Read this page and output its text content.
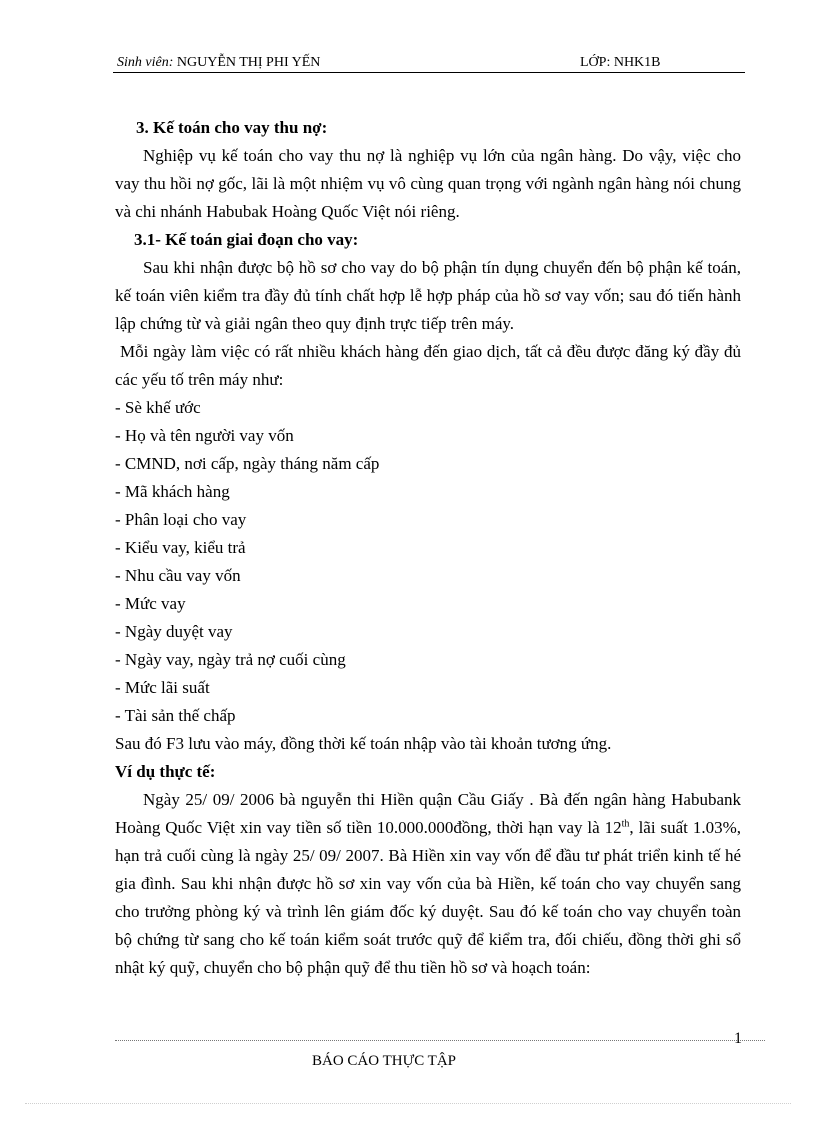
Sinh viên: NGUYỄN THỊ PHI YẾN	LỚP: NHK1B

3. Kế toán cho vay thu nợ:

Nghiệp vụ kế toán cho vay thu nợ là nghiệp vụ lớn của ngân hàng. Do vậy, việc cho vay thu hồi nợ gốc, lãi là một nhiệm vụ vô cùng quan trọng với ngành ngân hàng nói chung và chi nhánh Habubak Hoàng Quốc Việt nói riêng.

3.1- Kế toán giai đoạn cho vay:

Sau khi nhận được bộ hồ sơ cho vay do bộ phận tín dụng chuyển đến bộ phận kế toán, kế toán viên kiểm tra đầy đủ tính chất hợp lễ hợp pháp của hồ sơ vay vốn; sau đó tiến hành lập chứng từ và giải ngân theo quy định trực tiếp trên máy.

Mỗi ngày làm việc có rất nhiều khách hàng đến giao dịch, tất cả đều được đăng ký đầy đủ các yếu tố trên máy như:

- Sè khế ước

- Họ và tên người vay vốn

- CMND, nơi cấp, ngày tháng năm cấp

- Mã khách hàng

- Phân loại cho vay

- Kiểu vay, kiểu trả

- Nhu cầu vay vốn

- Mức vay

- Ngày duyệt vay

- Ngày vay, ngày trả nợ cuối cùng

- Mức lãi suất

- Tài sản thế chấp

Sau đó F3 lưu vào máy, đồng thời kế toán nhập vào tài khoản tương ứng.

Ví dụ thực tế:

Ngày 25/ 09/ 2006 bà nguyễn thi Hiền quận Cầu Giấy . Bà đến ngân hàng Habubank Hoàng Quốc Việt xin vay tiền số tiền 10.000.000đồng, thời hạn vay là 12th, lãi suất 1.03%, hạn trả cuối cùng là ngày 25/ 09/ 2007. Bà Hiền xin vay vốn để đầu tư phát triển kinh tế hé gia đình. Sau khi nhận được hồ sơ xin vay vốn của bà Hiền, kế toán cho vay chuyển sang cho trưởng phòng ký và trình lên giám đốc ký duyệt. Sau đó kế toán cho vay chuyển toàn bộ chứng từ sang cho kế toán kiểm soát trước quỹ để kiểm tra, đối chiếu, đồng thời ghi sổ nhật ký quỹ, chuyển cho bộ phận quỹ để thu tiền hồ sơ và hoạch toán:

1
BÁO CÁO THỰC TẬP
